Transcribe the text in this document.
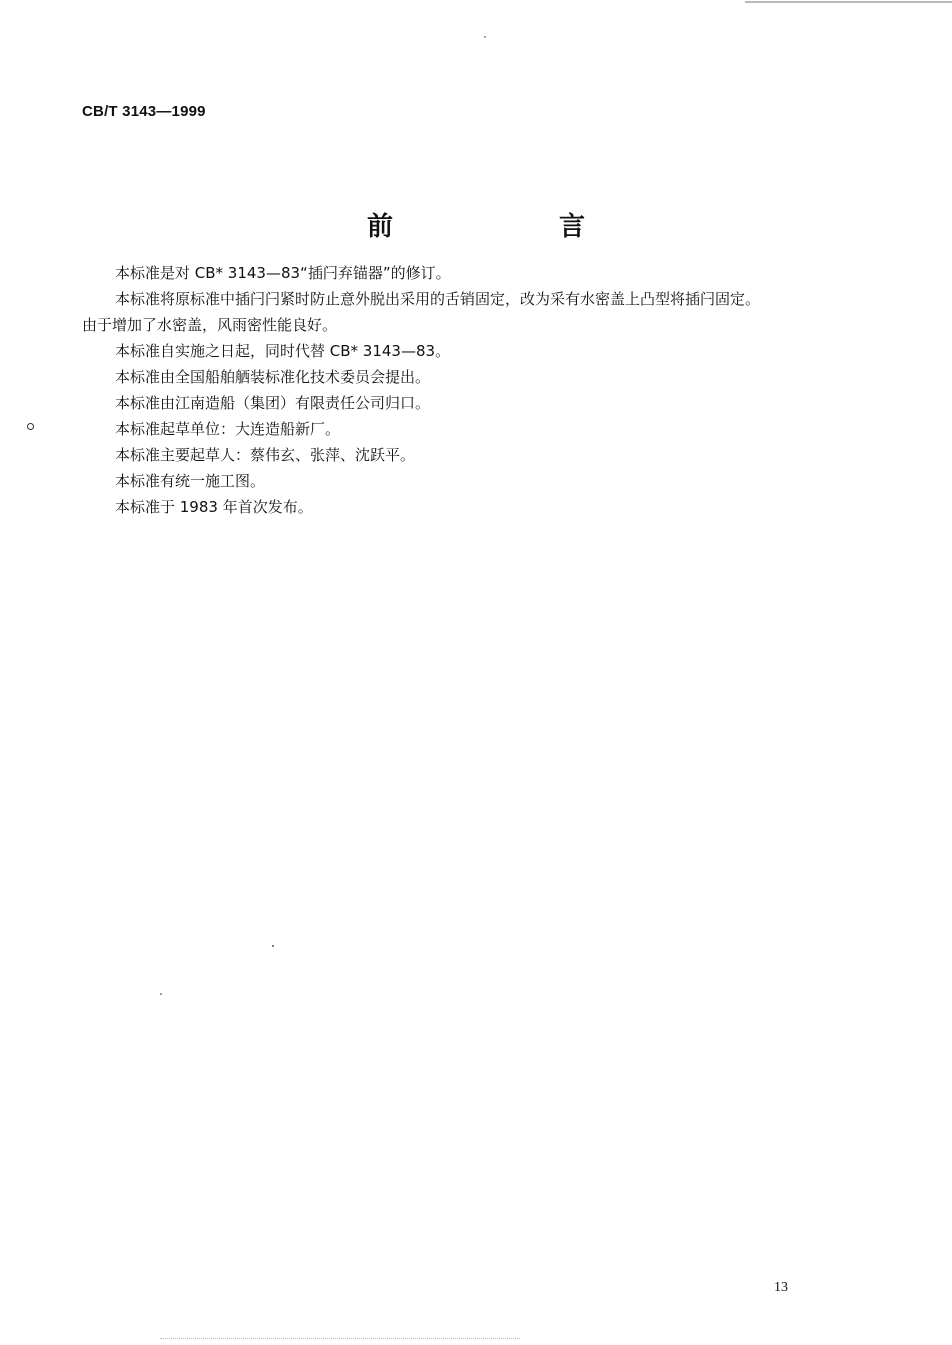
CB/T 3143—1999
前　言

本标准是对 CB* 3143—83“插闩弃锚器”的修订。

本标准将原标准中插闩闩紧时防止意外脱出采用的舌销固定，改为采有水密盖上凸型将插闩固定。

由于增加了水密盖，风雨密性能良好。

本标准自实施之日起，同时代替 CB* 3143—83。

本标准由全国船舶舾装标准化技术委员会提出。

本标准由江南造船（集团）有限责任公司归口。

本标准起草单位：大连造船新厂。

本标准主要起草人：蔡伟玄、张萍、沈跃平。

本标准有统一施工图。

本标准于 1983 年首次发布。

13
